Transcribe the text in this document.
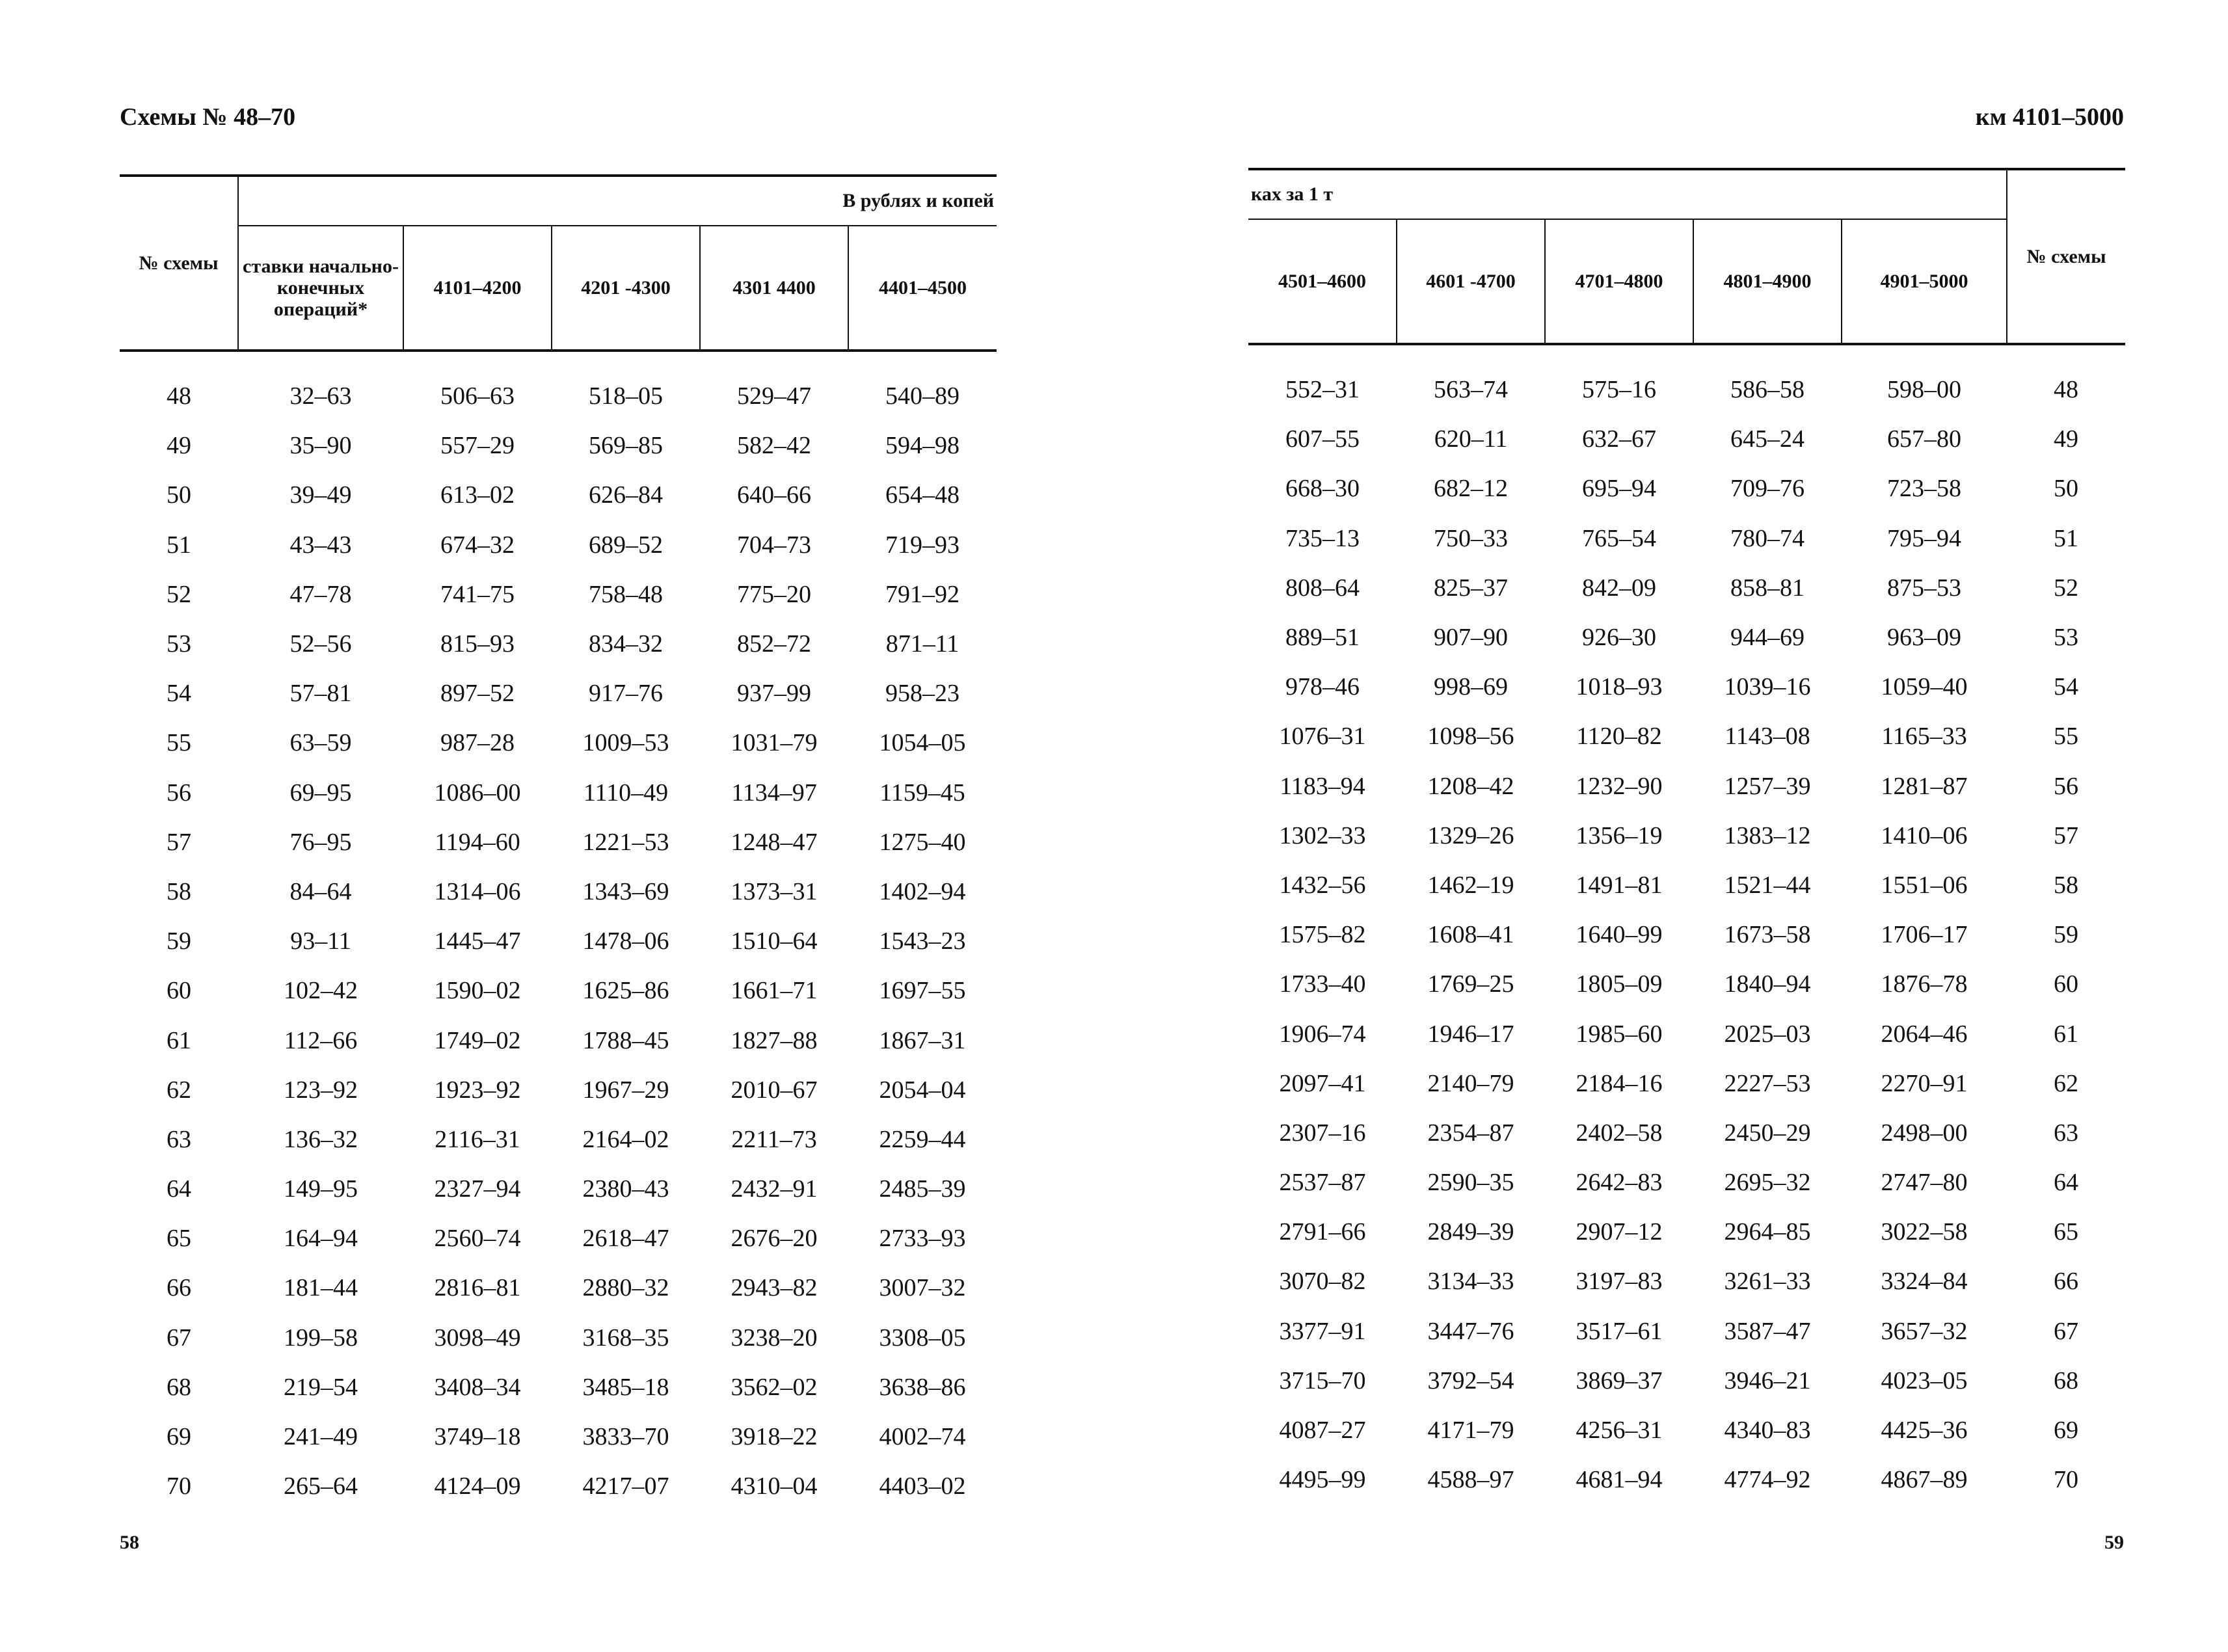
Схемы № 48–70
№ схемы	В рублях и копей				
	ставки начально-конечных операций*	4101–4200	4201 -4300	4301 4400	4401–4500
48	32–63	506–63	518–05	529–47	540–89
49	35–90	557–29	569–85	582–42	594–98
50	39–49	613–02	626–84	640–66	654–48
51	43–43	674–32	689–52	704–73	719–93
52	47–78	741–75	758–48	775–20	791–92
53	52–56	815–93	834–32	852–72	871–11
54	57–81	897–52	917–76	937–99	958–23
55	63–59	987–28	1009–53	1031–79	1054–05
56	69–95	1086–00	1110–49	1134–97	1159–45
57	76–95	1194–60	1221–53	1248–47	1275–40
58	84–64	1314–06	1343–69	1373–31	1402–94
59	93–11	1445–47	1478–06	1510–64	1543–23
60	102–42	1590–02	1625–86	1661–71	1697–55
61	112–66	1749–02	1788–45	1827–88	1867–31
62	123–92	1923–92	1967–29	2010–67	2054–04
63	136–32	2116–31	2164–02	2211–73	2259–44
64	149–95	2327–94	2380–43	2432–91	2485–39
65	164–94	2560–74	2618–47	2676–20	2733–93
66	181–44	2816–81	2880–32	2943–82	3007–32
67	199–58	3098–49	3168–35	3238–20	3308–05
68	219–54	3408–34	3485–18	3562–02	3638–86
69	241–49	3749–18	3833–70	3918–22	4002–74
70	265–64	4124–09	4217–07	4310–04	4403–02
58
км 4101–5000
ках за 1 т					№ схемы
4501–4600	4601 -4700	4701–4800	4801–4900	4901–5000	
552–31	563–74	575–16	586–58	598–00	48
607–55	620–11	632–67	645–24	657–80	49
668–30	682–12	695–94	709–76	723–58	50
735–13	750–33	765–54	780–74	795–94	51
808–64	825–37	842–09	858–81	875–53	52
889–51	907–90	926–30	944–69	963–09	53
978–46	998–69	1018–93	1039–16	1059–40	54
1076–31	1098–56	1120–82	1143–08	1165–33	55
1183–94	1208–42	1232–90	1257–39	1281–87	56
1302–33	1329–26	1356–19	1383–12	1410–06	57
1432–56	1462–19	1491–81	1521–44	1551–06	58
1575–82	1608–41	1640–99	1673–58	1706–17	59
1733–40	1769–25	1805–09	1840–94	1876–78	60
1906–74	1946–17	1985–60	2025–03	2064–46	61
2097–41	2140–79	2184–16	2227–53	2270–91	62
2307–16	2354–87	2402–58	2450–29	2498–00	63
2537–87	2590–35	2642–83	2695–32	2747–80	64
2791–66	2849–39	2907–12	2964–85	3022–58	65
3070–82	3134–33	3197–83	3261–33	3324–84	66
3377–91	3447–76	3517–61	3587–47	3657–32	67
3715–70	3792–54	3869–37	3946–21	4023–05	68
4087–27	4171–79	4256–31	4340–83	4425–36	69
4495–99	4588–97	4681–94	4774–92	4867–89	70
59
